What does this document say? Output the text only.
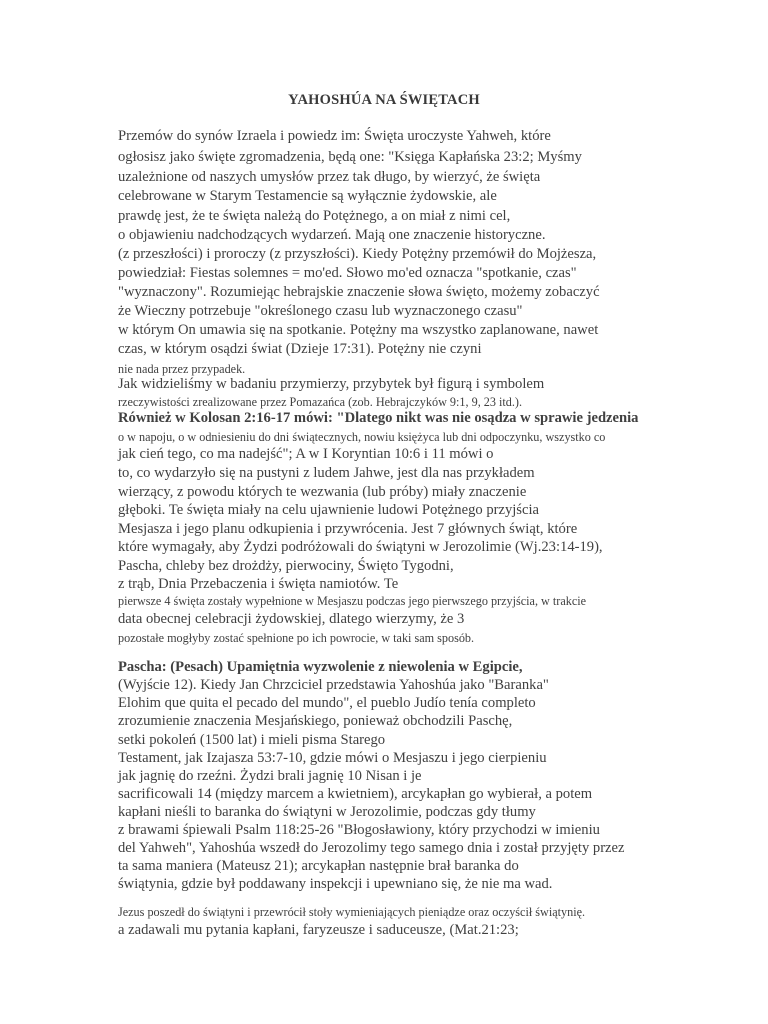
YAHOSHÚA NA ŚWIĘTACH
Przemów do synów Izraela i powiedz im: Święta uroczyste Yahweh, które
ogłosisz jako święte zgromadzenia, będą one: "Księga Kapłańska 23:2; Myśmy
uzależnione od naszych umysłów przez tak długo, by wierzyć, że święta
celebrowane w Starym Testamencie są wyłącznie żydowskie, ale
prawdę jest, że te święta należą do Potężnego, a on miał z nimi cel,
o objawieniu nadchodzących wydarzeń. Mają one znaczenie historyczne.
(z przeszłości) i proroczy (z przyszłości). Kiedy Potężny przemówił do Mojżesza,
powiedział: Fiestas solemnes = mo'ed. Słowo mo'ed oznacza "spotkanie, czas"
"wyznaczony". Rozumiejąc hebrajskie znaczenie słowa święto, możemy zobaczyć
że Wieczny potrzebuje "określonego czasu lub wyznaczonego czasu"
w którym On umawia się na spotkanie. Potężny ma wszystko zaplanowane, nawet
czas, w którym osądzi świat (Dzieje 17:31). Potężny nie czyni
nie nada przez przypadek.
Jak widzieliśmy w badaniu przymierzy, przybytek był figurą i symbolem
rzeczywistości zrealizowane przez Pomazańca (zob. Hebrajczyków 9:1, 9, 23 itd.).
Również w Kolosan 2:16-17 mówi: "Dlatego nikt was nie osądza w sprawie jedzenia
o w napoju, o w odniesieniu do dni świątecznych, nowiu księżyca lub dni odpoczynku, wszystko co
jak cień tego, co ma nadejść"; A w I Koryntian 10:6 i 11 mówi o
to, co wydarzyło się na pustyni z ludem Jahwe, jest dla nas przykładem
wierzący, z powodu których te wezwania (lub próby) miały znaczenie
głęboki. Te święta miały na celu ujawnienie ludowi Potężnego przyjścia
Mesjasza i jego planu odkupienia i przywrócenia. Jest 7 głównych świąt, które
które wymagały, aby Żydzi podróżowali do świątyni w Jerozolimie (Wj.23:14-19),
Pascha, chleby bez drożdży, pierwociny, Święto Tygodni,
z trąb, Dnia Przebaczenia i święta namiotów. Te
pierwsze 4 święta zostały wypełnione w Mesjaszu podczas jego pierwszego przyjścia, w trakcie
data obecnej celebracji żydowskiej, dlatego wierzymy, że 3
pozostałe mogłyby zostać spełnione po ich powrocie, w taki sam sposób.
Pascha: (Pesach) Upamiętnia wyzwolenie z niewolenia w Egipcie,
(Wyjście 12). Kiedy Jan Chrzciciel przedstawia Yahoshúa jako "Baranka"
Elohim que quita el pecado del mundo", el pueblo Judío tenía completo
zrozumienie znaczenia Mesjańskiego, ponieważ obchodzili Paschę,
setki pokoleń (1500 lat) i mieli pisma Starego
Testament, jak Izajasza 53:7-10, gdzie mówi o Mesjaszu i jego cierpieniu
jak jagnię do rzeźni. Żydzi brali jagnię 10 Nisan i je
sacrificowali 14 (między marcem a kwietniem), arcykapłan go wybierał, a potem
kapłani nieśli to baranka do świątyni w Jerozolimie, podczas gdy tłumy
z brawami śpiewali Psalm 118:25-26 "Błogosławiony, który przychodzi w imieniu
del Yahweh", Yahoshúa wszedł do Jerozolimy tego samego dnia i został przyjęty przez
ta sama maniera (Mateusz 21); arcykapłan następnie brał baranka do
świątynia, gdzie był poddawany inspekcji i upewniano się, że nie ma wad.
Jezus poszedł do świątyni i przewrócił stoły wymieniających pieniądze oraz oczyścił świątynię.
a zadawali mu pytania kapłani, faryzeusze i saduceusze, (Mat.21:23;
